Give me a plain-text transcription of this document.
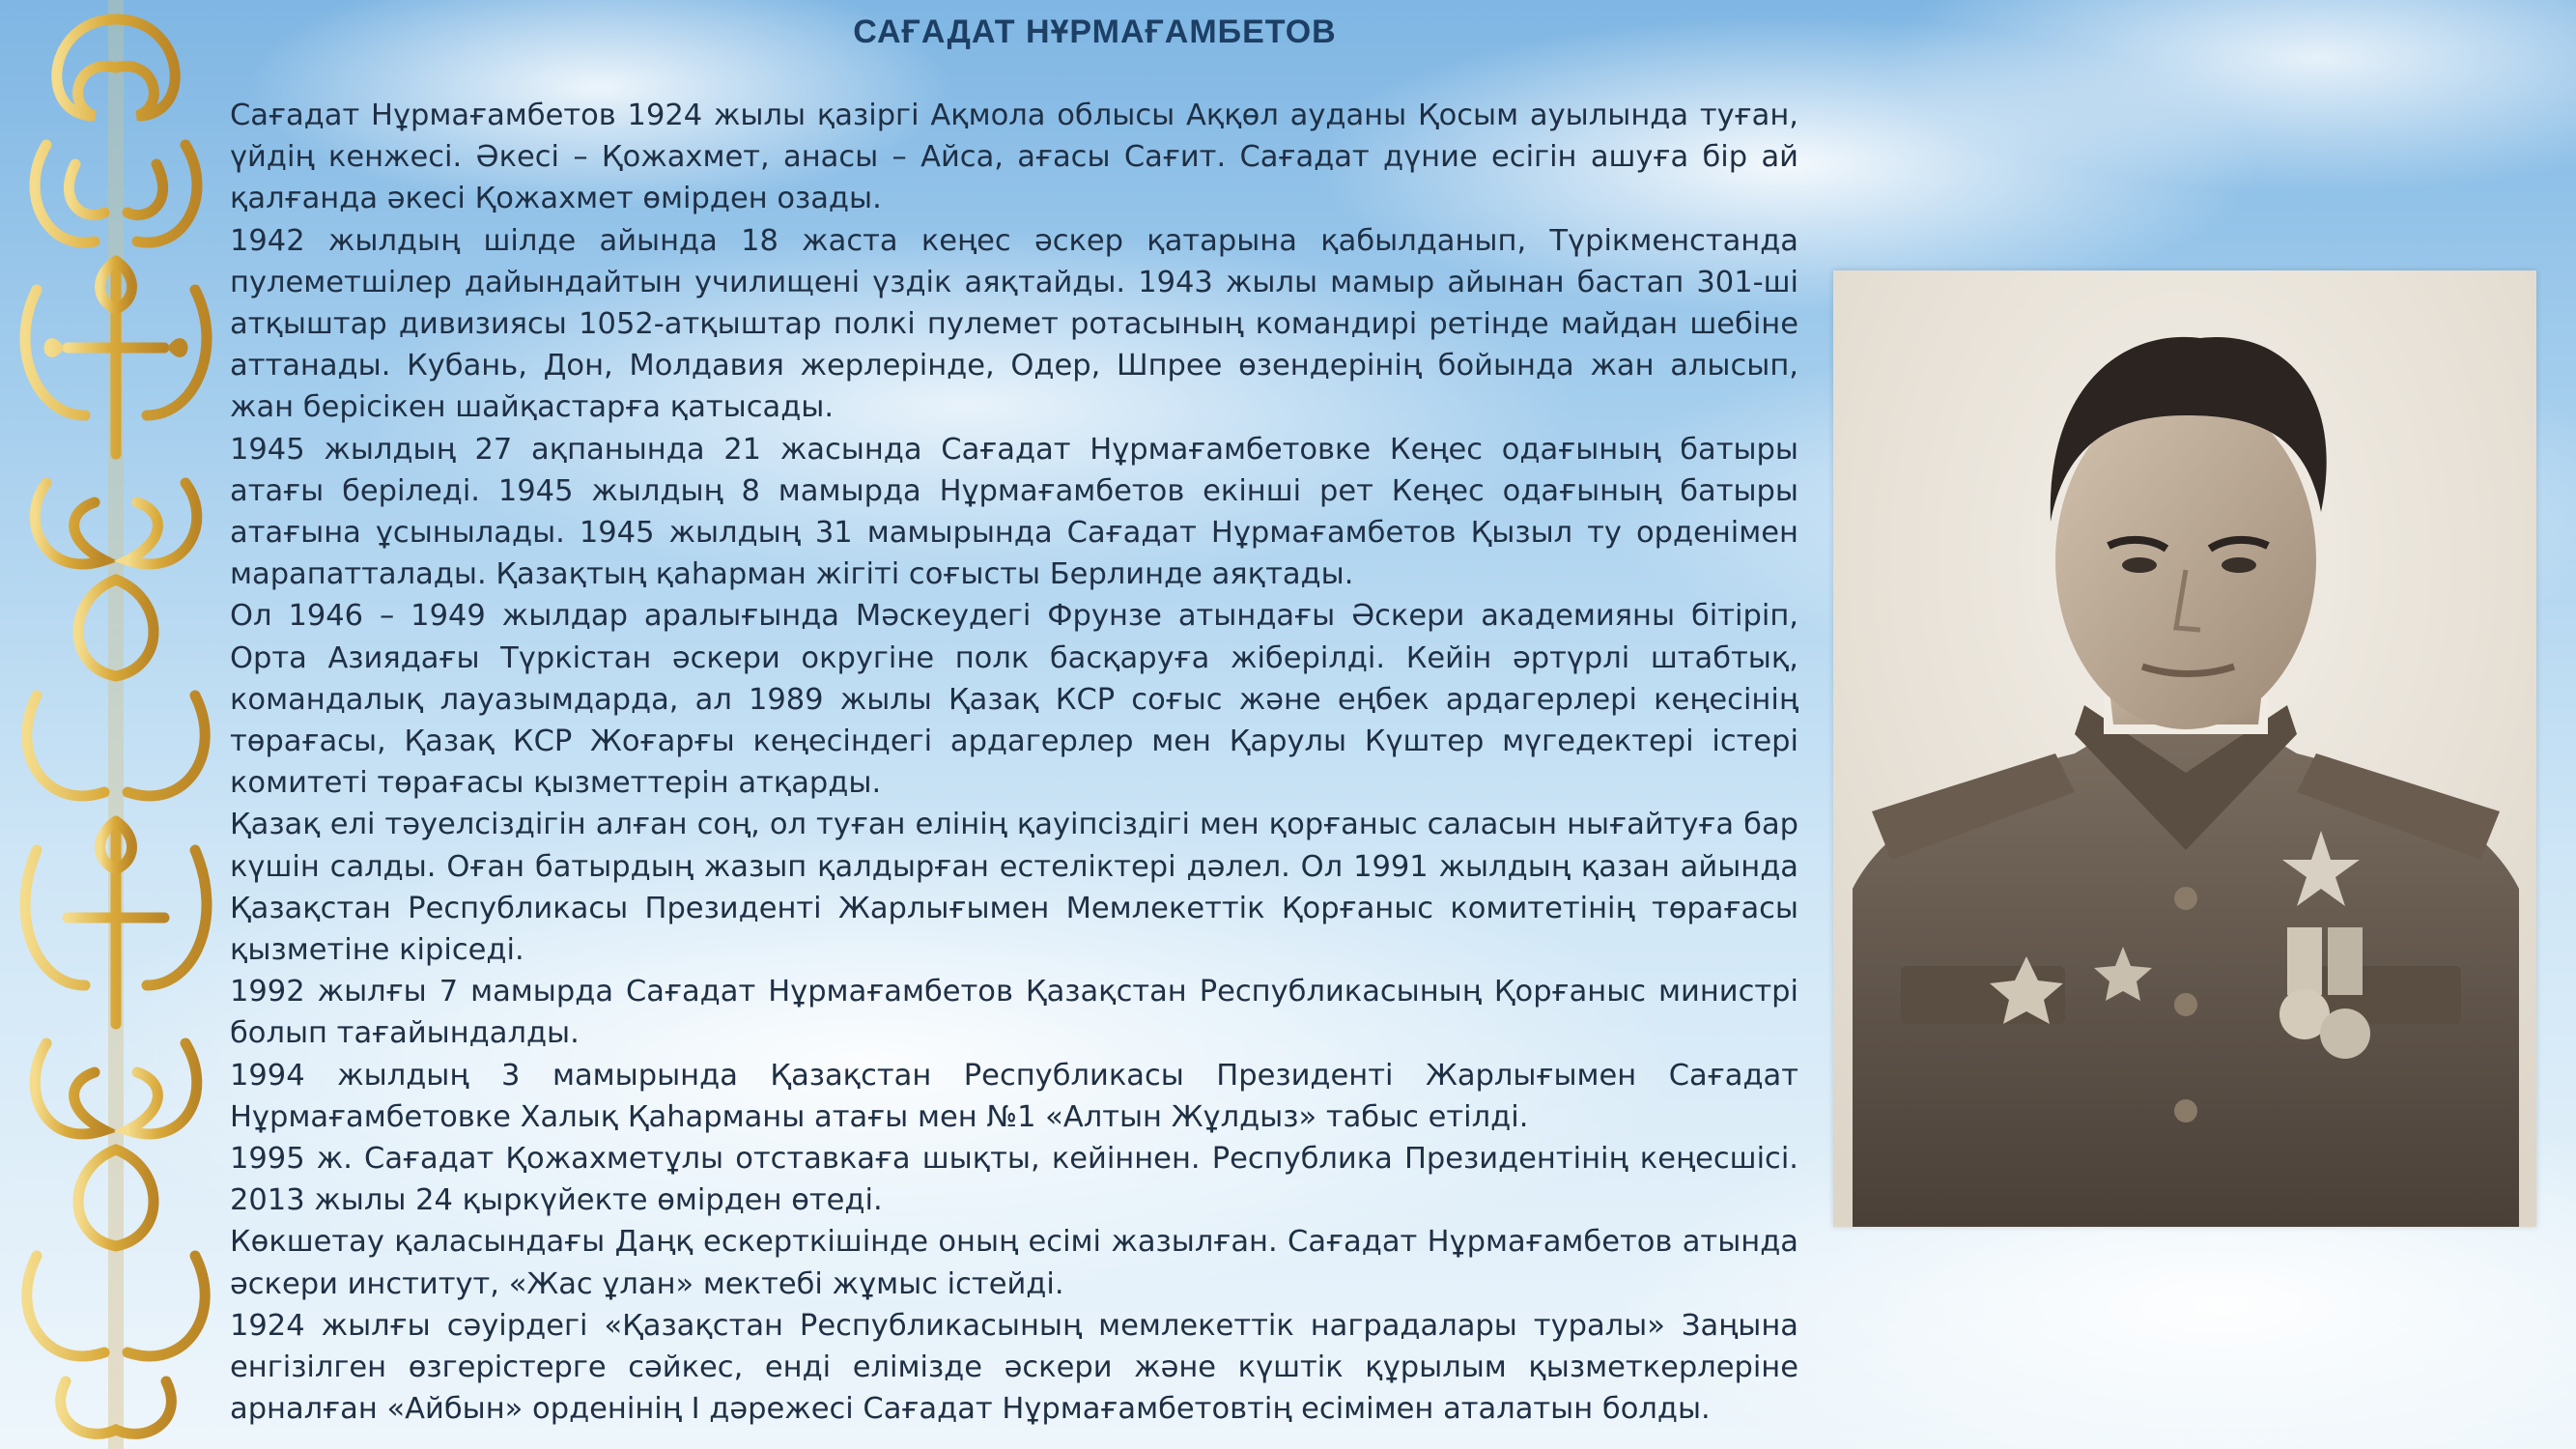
САҒАДАТ НҰРМАҒАМБЕТОВ

Сағадат Нұрмағамбетов 1924 жылы қазіргі Ақмола облысы Аққөл ауданы Қосым ауылында туған, үйдің кенжесі. Әкесі – Қожахмет, анасы – Айса, ағасы Сағит. Сағадат дүние есігін ашуға бір ай қалғанда әкесі Қожахмет өмірден озады.

1942 жылдың шілде айында 18 жаста кеңес әскер қатарына қабылданып, Түрікменстанда пулеметшілер дайындайтын училищені үздік аяқтайды. 1943 жылы мамыр айынан бастап 301-ші атқыштар дивизиясы 1052-атқыштар полкі пулемет ротасының командирі ретінде майдан шебіне аттанады. Кубань, Дон, Молдавия жерлерінде, Одер, Шпрее өзендерінің бойында жан алысып, жан берісiкен шайқастарға қатысады.

1945 жылдың 27 ақпанында 21 жасында Сағадат Нұрмағамбетовке Кеңес одағының батыры атағы беріледі. 1945 жылдың 8 мамырда Нұрмағамбетов екінші рет Кеңес одағының батыры атағына ұсынылады. 1945 жылдың 31 мамырында Сағадат Нұрмағамбетов Қызыл ту орденімен марапатталады. Қазақтың қаһарман жігіті соғысты Берлинде аяқтады.

Ол 1946 – 1949 жылдар аралығында Мәскеудегі Фрунзе атындағы Әскери академияны бітіріп, Орта Азиядағы Түркістан әскери округіне полк басқаруға жіберілді. Кейін әртүрлі штабтық, командалық лауазымдарда, ал 1989 жылы Қазақ КСР соғыс және еңбек ардагерлері кеңесінің төрағасы, Қазақ КСР Жоғарғы кеңесіндегі ардагерлер мен Қарулы Күштер мүгедектері істері комитеті төрағасы қызметтерін атқарды.

Қазақ елі тәуелсіздігін алған соң, ол туған елінің қауіпсіздігі мен қорғаныс саласын нығайтуға бар күшін салды. Оған батырдың жазып қалдырған естеліктері дәлел. Ол 1991 жылдың қазан айында Қазақстан Республикасы Президенті Жарлығымен Мемлекеттік Қорғаныс комитетінің төрағасы қызметіне кіріседі.

1992 жылғы 7 мамырда Сағадат Нұрмағамбетов Қазақстан Республикасының Қорғаныс министрі болып тағайындалды.

1994 жылдың 3 мамырында Қазақстан Республикасы Президенті Жарлығымен Сағадат Нұрмағамбетовке Халық Қаһарманы атағы мен №1 «Алтын Жұлдыз» табыс етілді.

1995 ж. Сағадат Қожахметұлы отставкаға шықты, кейіннен. Республика Президентінің кеңесшісі. 2013 жылы 24 қыркүйекте өмірден өтеді.

Көкшетау қаласындағы Даңқ ескерткішінде оның есімі жазылған. Сағадат Нұрмағамбетов атында әскери институт, «Жас ұлан» мектебі жұмыс істейді.

1924 жылғы сәуірдегі «Қазақстан Республикасының мемлекеттік наградалары туралы» Заңына енгізілген өзгерістерге сәйкес, енді елімізде әскери және күштік құрылым қызметкерлеріне арналған «Айбын» орденінің І дәрежесі Сағадат Нұрмағамбетовтің есімімен аталатын болды.
